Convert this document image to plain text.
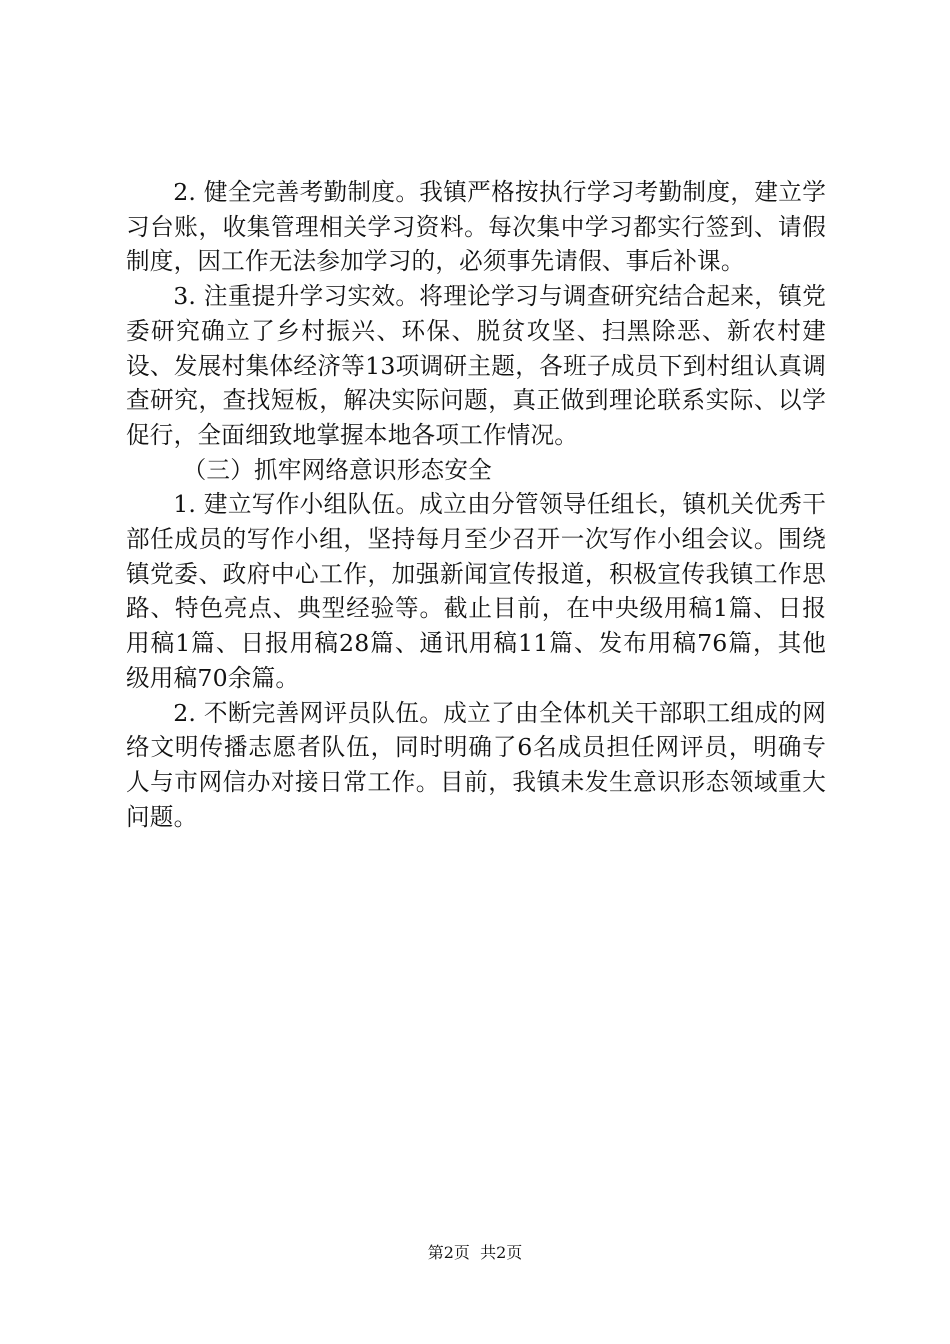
2. 健全完善考勤制度。我镇严格按执行学习考勤制度，建立学习台账，收集管理相关学习资料。每次集中学习都实行签到、请假制度，因工作无法参加学习的，必须事先请假、事后补课。

3. 注重提升学习实效。将理论学习与调查研究结合起来，镇党委研究确立了乡村振兴、环保、脱贫攻坚、扫黑除恶、新农村建设、发展村集体经济等13项调研主题，各班子成员下到村组认真调查研究，查找短板，解决实际问题，真正做到理论联系实际、以学促行，全面细致地掌握本地各项工作情况。

（三）抓牢网络意识形态安全

1. 建立写作小组队伍。成立由分管领导任组长，镇机关优秀干部任成员的写作小组，坚持每月至少召开一次写作小组会议。围绕镇党委、政府中心工作，加强新闻宣传报道，积极宣传我镇工作思路、特色亮点、典型经验等。截止目前，在中央级用稿1篇、日报用稿1篇、日报用稿28篇、通讯用稿11篇、发布用稿76篇，其他级用稿70余篇。

2. 不断完善网评员队伍。成立了由全体机关干部职工组成的网络文明传播志愿者队伍，同时明确了6名成员担任网评员，明确专人与市网信办对接日常工作。目前，我镇未发生意识形态领域重大问题。

第2页  共2页
